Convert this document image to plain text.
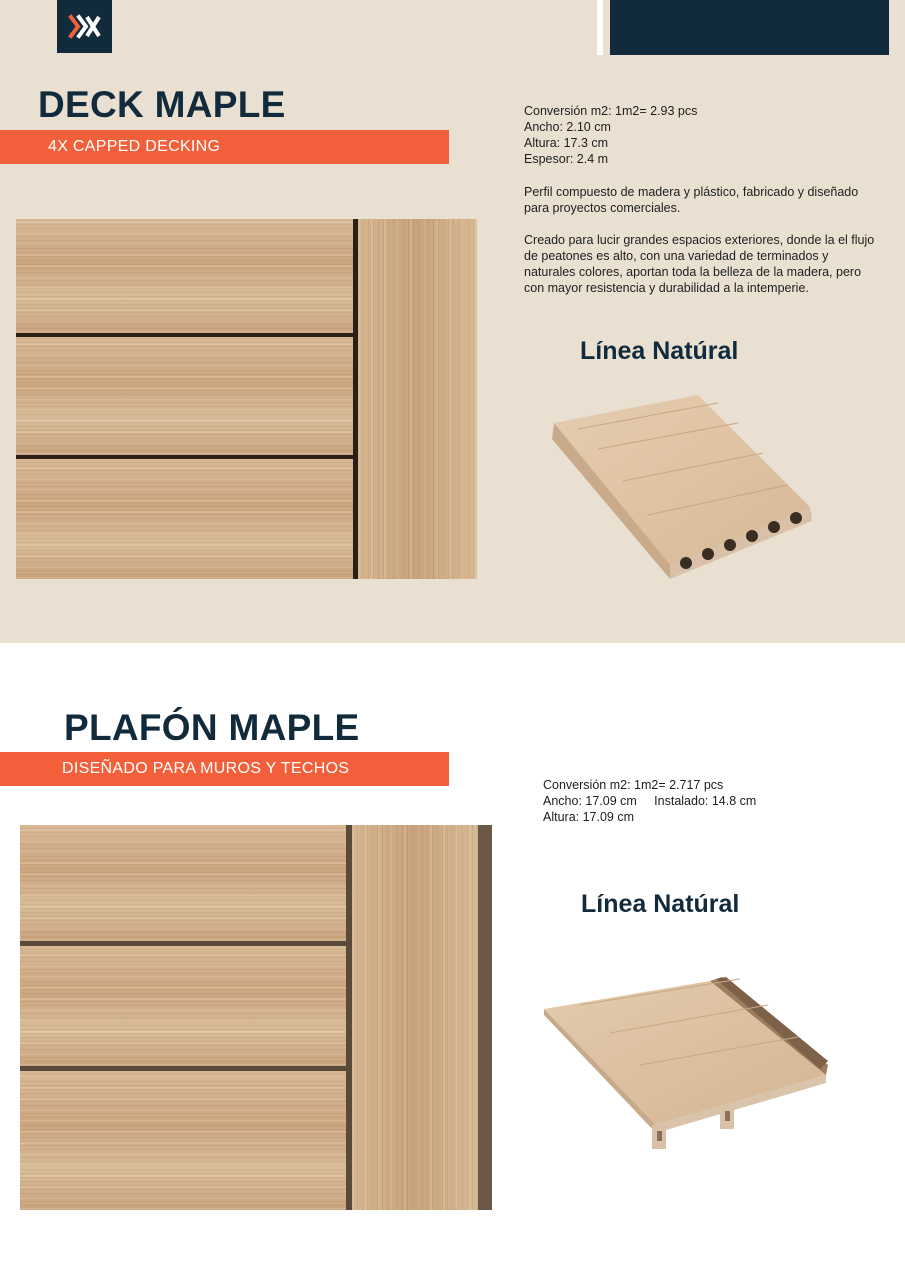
DECK MAPLE
4X CAPPED DECKING
Conversión m2: 1m2= 2.93 pcs
Ancho: 2.10 cm
Altura: 17.3 cm
Espesor: 2.4 m

Perfil compuesto de madera y plástico, fabricado y diseñado para proyectos comerciales.

Creado para lucir grandes espacios exteriores, donde la el flujo de peatones es alto, con una variedad de terminados y naturales colores, aportan toda la belleza de la madera, pero con mayor resistencia y durabilidad a la intemperie.

Línea Natúral
PLAFÓN MAPLE
DISEÑADO PARA MUROS Y TECHOS
Conversión m2: 1m2= 2.717 pcs
Ancho: 17.09 cm     Instalado: 14.8 cm
Altura: 17.09 cm
Línea Natúral
